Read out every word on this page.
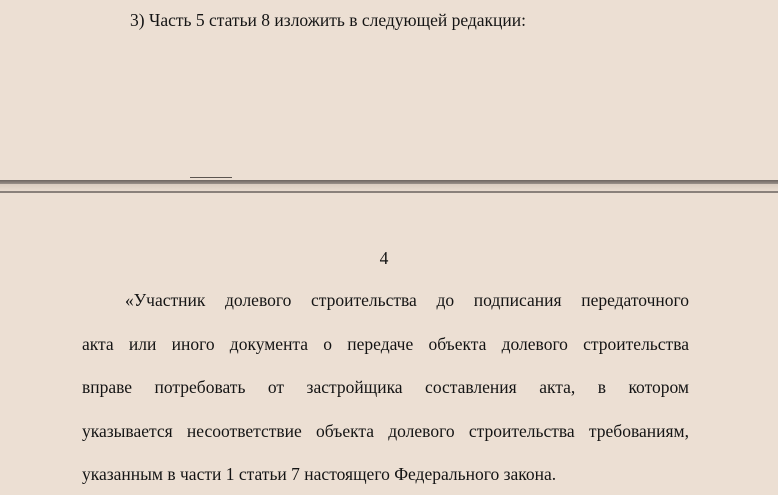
3) Часть 5 статьи 8 изложить в следующей редакции:
4
«Участник долевого строительства до подписания передаточного
акта или иного документа о передаче объекта долевого строительства
вправе потребовать от застройщика составления акта, в котором
указывается несоответствие объекта долевого строительства требованиям,
указанным в части 1 статьи 7 настоящего Федерального закона.
